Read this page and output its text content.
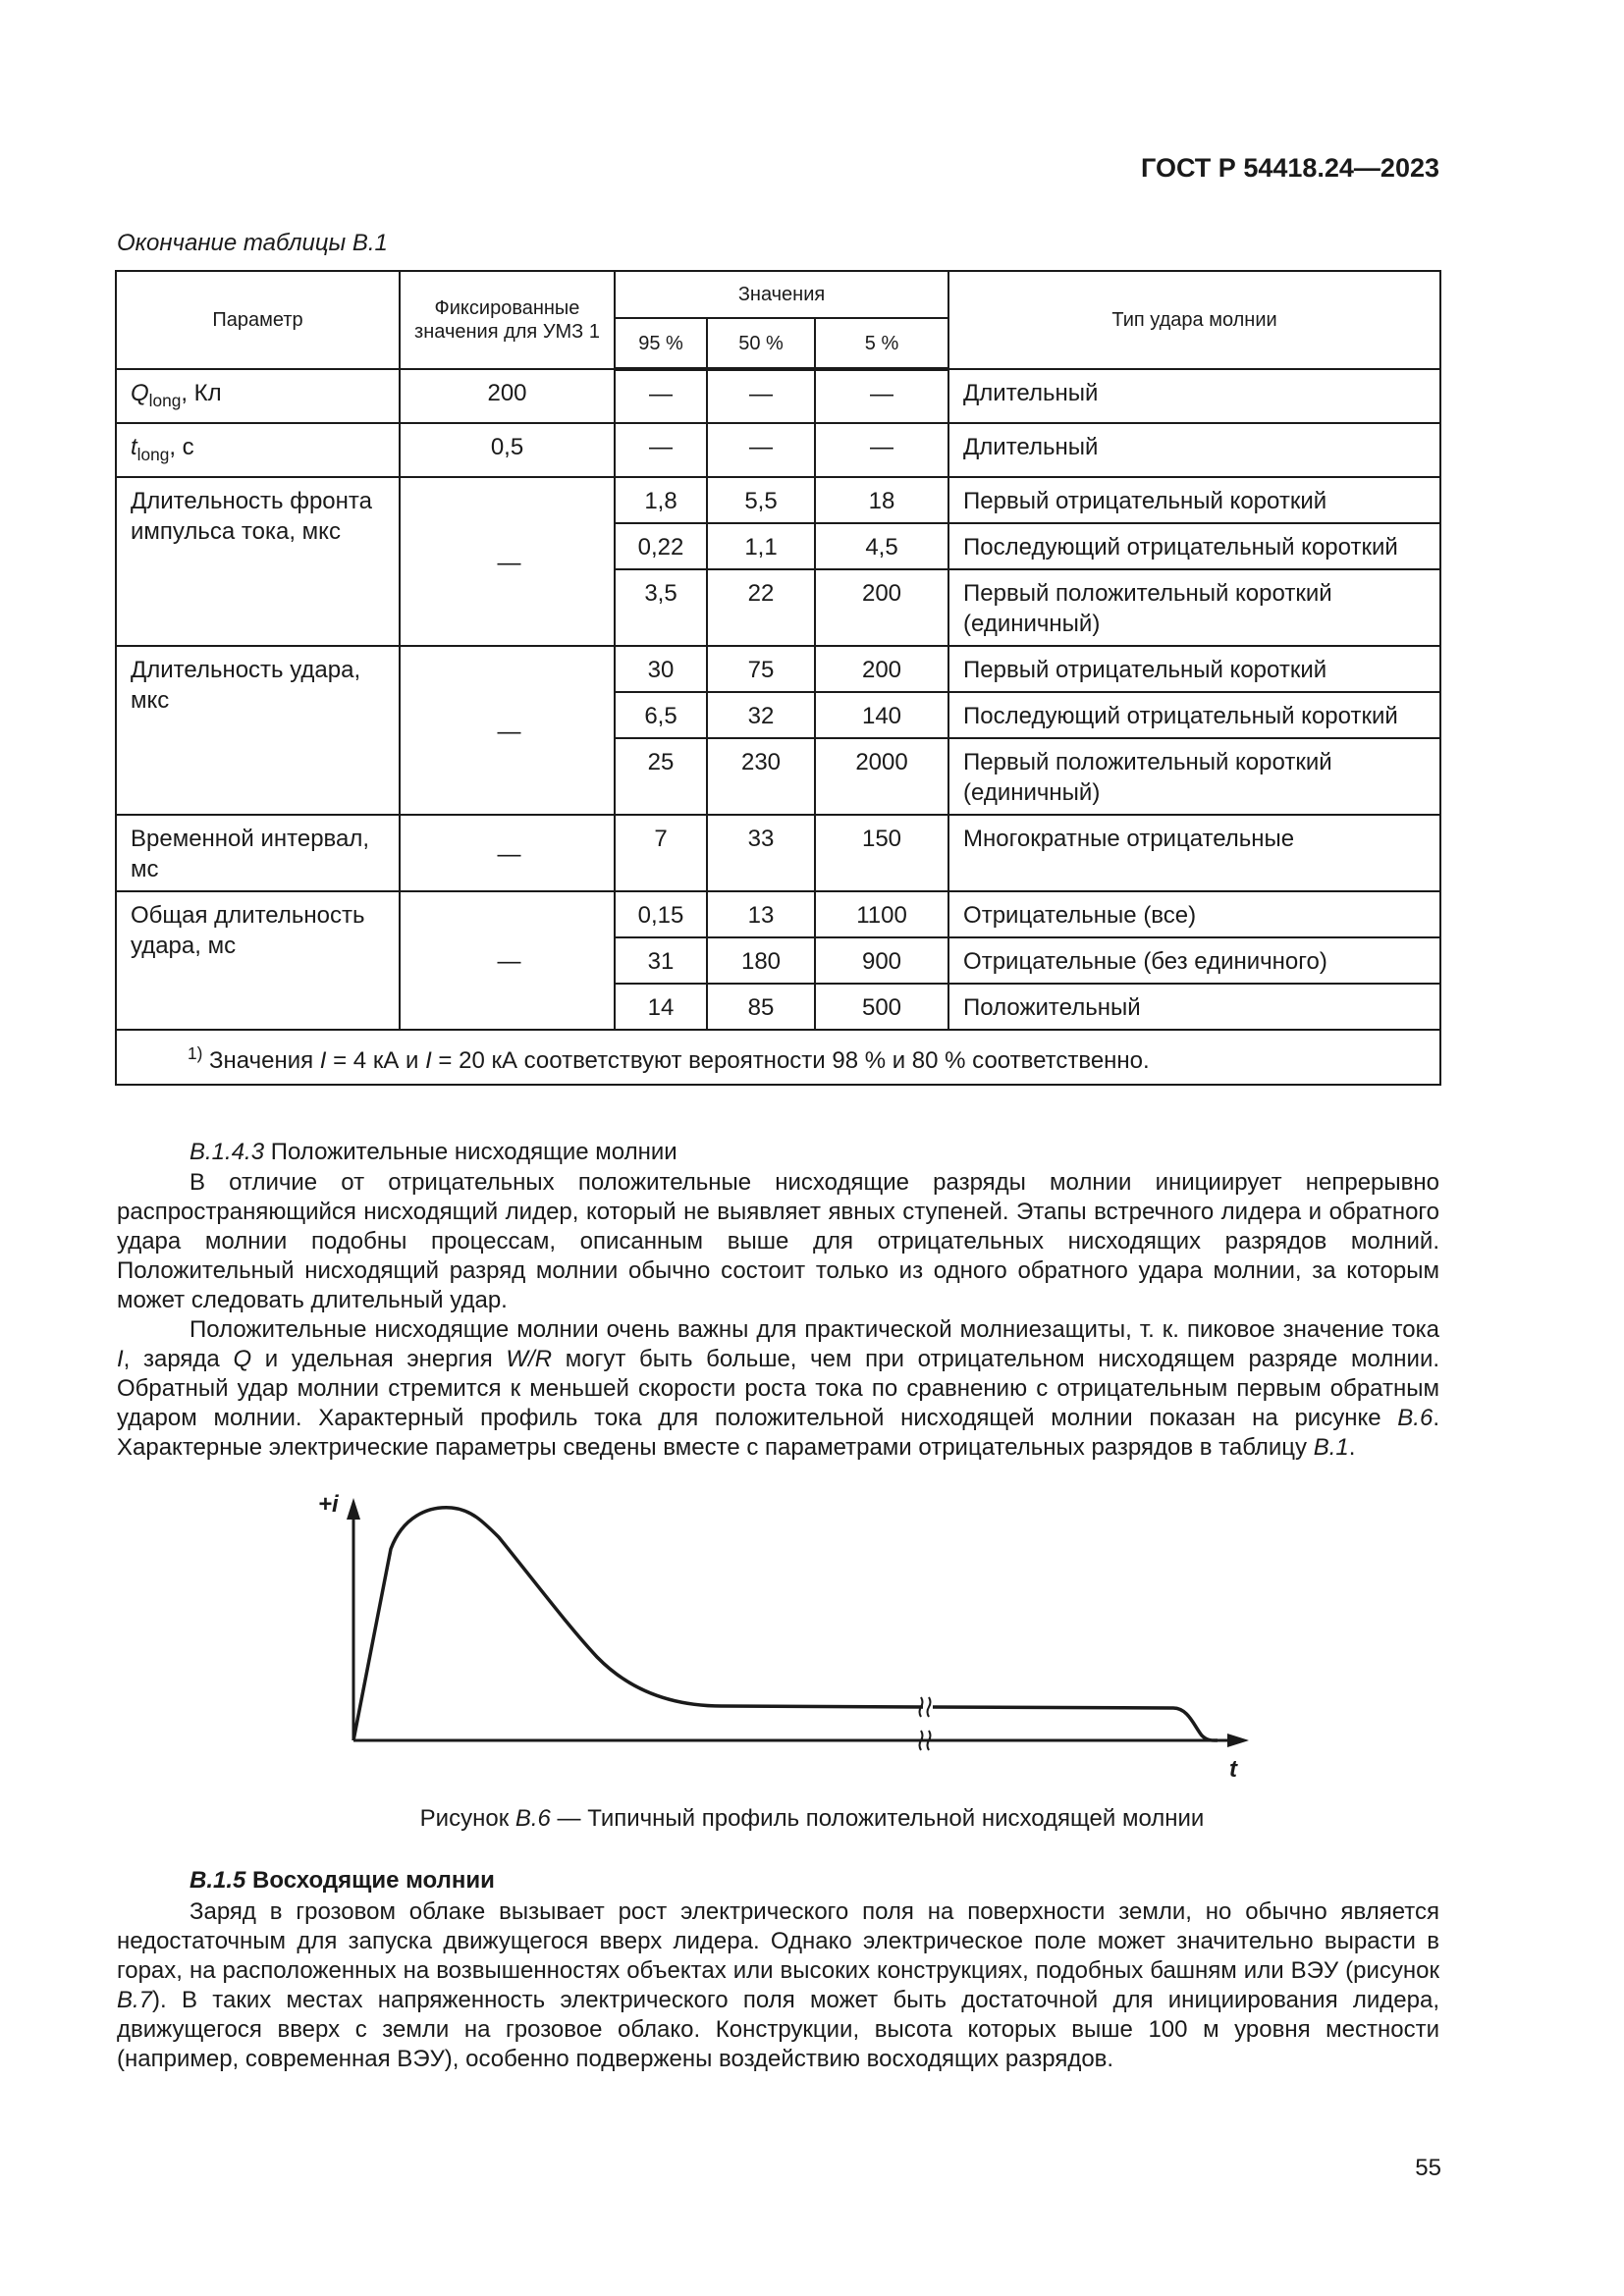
ГОСТ Р 54418.24—2023
Окончание таблицы В.1
Параметр	Фиксированные значения для УМЗ 1	Значения			Тип удара молнии
		95 %	50 %	5 %	
$Q_{long}$, Кл	200	—	—	—	Длительный
$t_{long}$, с	0,5	—	—	—	Длительный
Длительность фронта импульса тока, мкс	—	1,8	5,5	18	Первый отрицательный короткий
		0,22	1,1	4,5	Последующий отрицательный короткий
		3,5	22	200	Первый положительный короткий (единичный)
Длительность удара, мкс	—	30	75	200	Первый отрицательный короткий
		6,5	32	140	Последующий отрицательный короткий
		25	230	2000	Первый положительный короткий (единичный)
Временной интервал, мс	—	7	33	150	Многократные отрицательные
Общая длительность удара, мс	—	0,15	13	1100	Отрицательные (все)
		31	180	900	Отрицательные (без единичного)
		14	85	500	Положительный
$^{1)}$ Значения I = 4 кА и I = 20 кА соответствуют вероятности 98 % и 80 % соответственно.					
В.1.4.3 Положительные нисходящие молнии

В отличие от отрицательных положительные нисходящие разряды молнии инициирует непрерывно распространяющийся нисходящий лидер, который не выявляет явных ступеней. Этапы встречного лидера и обратного удара молнии подобны процессам, описанным выше для отрицательных нисходящих разрядов молний. Положительный нисходящий разряд молнии обычно состоит только из одного обратного удара молнии, за которым может следовать длительный удар.

Положительные нисходящие молнии очень важны для практической молниезащиты, т. к. пиковое значение тока I, заряда Q и удельная энергия W/R могут быть больше, чем при отрицательном нисходящем разряде молнии. Обратный удар молнии стремится к меньшей скорости роста тока по сравнению с отрицательным первым обратным ударом молнии. Характерный профиль тока для положительной нисходящей молнии показан на рисунке В.6. Характерные электрические параметры сведены вместе с параметрами отрицательных разрядов в таблицу В.1.

+i
t
Рисунок В.6 — Типичный профиль положительной нисходящей молнии
В.1.5 Восходящие молнии

Заряд в грозовом облаке вызывает рост электрического поля на поверхности земли, но обычно является недостаточным для запуска движущегося вверх лидера. Однако электрическое поле может значительно вырасти в горах, на расположенных на возвышенностях объектах или высоких конструкциях, подобных башням или ВЭУ (рисунок В.7). В таких местах напряженность электрического поля может быть достаточной для инициирования лидера, движущегося вверх с земли на грозовое облако. Конструкции, высота которых выше 100 м уровня местности (например, современная ВЭУ), особенно подвержены воздействию восходящих разрядов.

55
